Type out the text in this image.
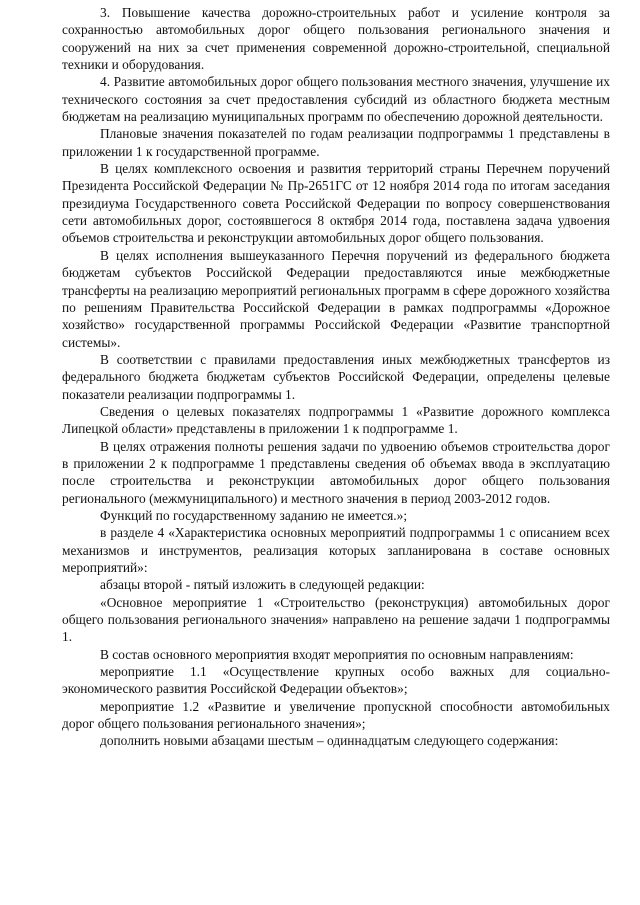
3. Повышение качества дорожно-строительных работ и усиление контроля за сохранностью автомобильных дорог общего пользования регионального значения и сооружений на них за счет применения современной дорожно-строительной, специальной техники и оборудования.

4. Развитие автомобильных дорог общего пользования местного значения, улучшение их технического состояния за счет предоставления субсидий из областного бюджета местным бюджетам на реализацию муниципальных программ по обеспечению дорожной деятельности.

Плановые значения показателей по годам реализации подпрограммы 1 представлены в приложении 1 к государственной программе.

В целях комплексного освоения и развития территорий страны Перечнем поручений Президента Российской Федерации № Пр-2651ГС от 12 ноября 2014 года по итогам заседания президиума Государственного совета Российской Федерации по вопросу совершенствования сети автомобильных дорог, состоявшегося 8 октября 2014 года, поставлена задача удвоения объемов строительства и реконструкции автомобильных дорог общего пользования.

В целях исполнения вышеуказанного Перечня поручений из федерального бюджета бюджетам субъектов Российской Федерации предоставляются иные межбюджетные трансферты на реализацию мероприятий региональных программ в сфере дорожного хозяйства по решениям Правительства Российской Федерации в рамках подпрограммы «Дорожное хозяйство» государственной программы Российской Федерации «Развитие транспортной системы».

В соответствии с правилами предоставления иных межбюджетных трансфертов из федерального бюджета бюджетам субъектов Российской Федерации, определены целевые показатели реализации подпрограммы 1.

Сведения о целевых показателях подпрограммы 1 «Развитие дорожного комплекса Липецкой области» представлены в приложении 1 к подпрограмме 1.

В целях отражения полноты решения задачи по удвоению объемов строительства дорог в приложении 2 к подпрограмме 1 представлены сведения об объемах ввода в эксплуатацию после строительства и реконструкции автомобильных дорог общего пользования регионального (межмуниципального) и местного значения в период 2003-2012 годов.

Функций по государственному заданию не имеется.»;

в разделе 4 «Характеристика основных мероприятий подпрограммы 1 с описанием всех механизмов и инструментов, реализация которых запланирована в составе основных мероприятий»:

абзацы второй - пятый изложить в следующей редакции:

«Основное мероприятие 1 «Строительство (реконструкция) автомобильных дорог общего пользования регионального значения» направлено на решение задачи 1 подпрограммы 1.

В состав основного мероприятия входят мероприятия по основным направлениям:

мероприятие 1.1 «Осуществление крупных особо важных для социально-экономического развития Российской Федерации объектов»;

мероприятие 1.2 «Развитие и увеличение пропускной способности автомобильных дорог общего пользования регионального значения»;

дополнить новыми абзацами шестым – одиннадцатым следующего содержания:
